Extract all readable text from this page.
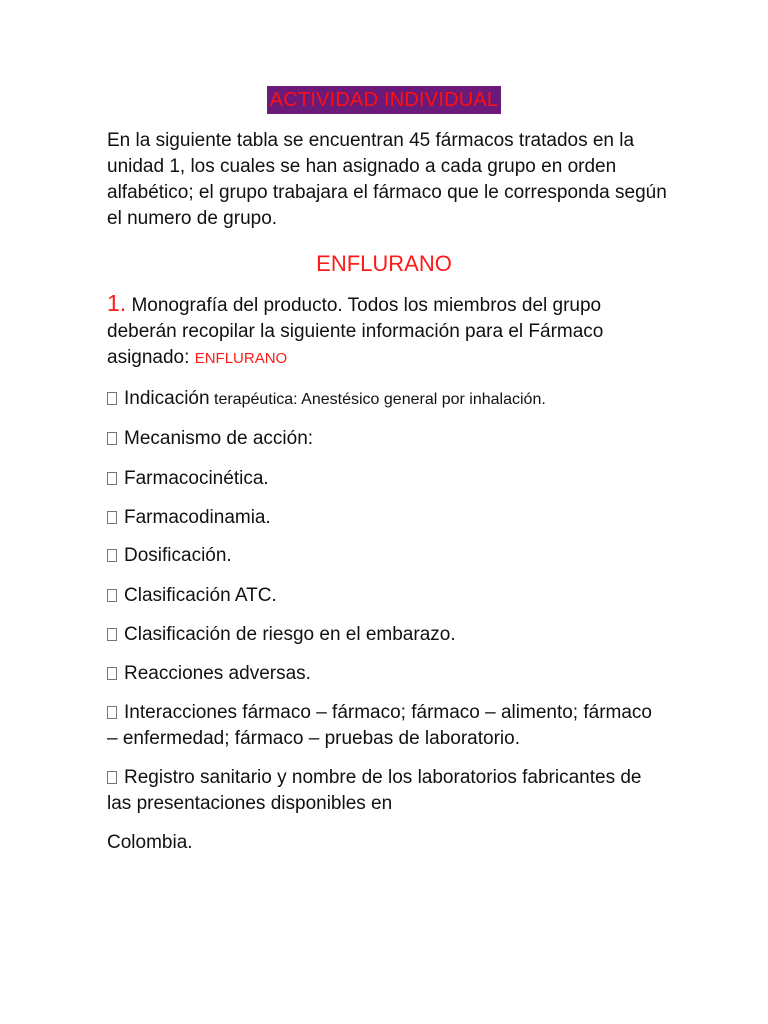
ACTIVIDAD INDIVIDUAL

En la siguiente tabla se encuentran 45 fármacos tratados en la unidad 1, los cuales se han asignado a cada grupo en orden alfabético; el grupo trabajara el fármaco que le corresponda según el numero de grupo.

ENFLURANO

1. Monografía del producto. Todos los miembros del grupo deberán recopilar la siguiente información para el Fármaco asignado: ENFLURANO

Indicación terapéutica: Anestésico general por inhalación.
Mecanismo de acción:
Farmacocinética.
Farmacodinamia.
Dosificación.
Clasificación ATC.
Clasificación de riesgo en el embarazo.
Reacciones adversas.
Interacciones fármaco – fármaco; fármaco – alimento; fármaco – enfermedad; fármaco – pruebas de laboratorio.
Registro sanitario y nombre de los laboratorios fabricantes de las presentaciones disponibles en

Colombia.
